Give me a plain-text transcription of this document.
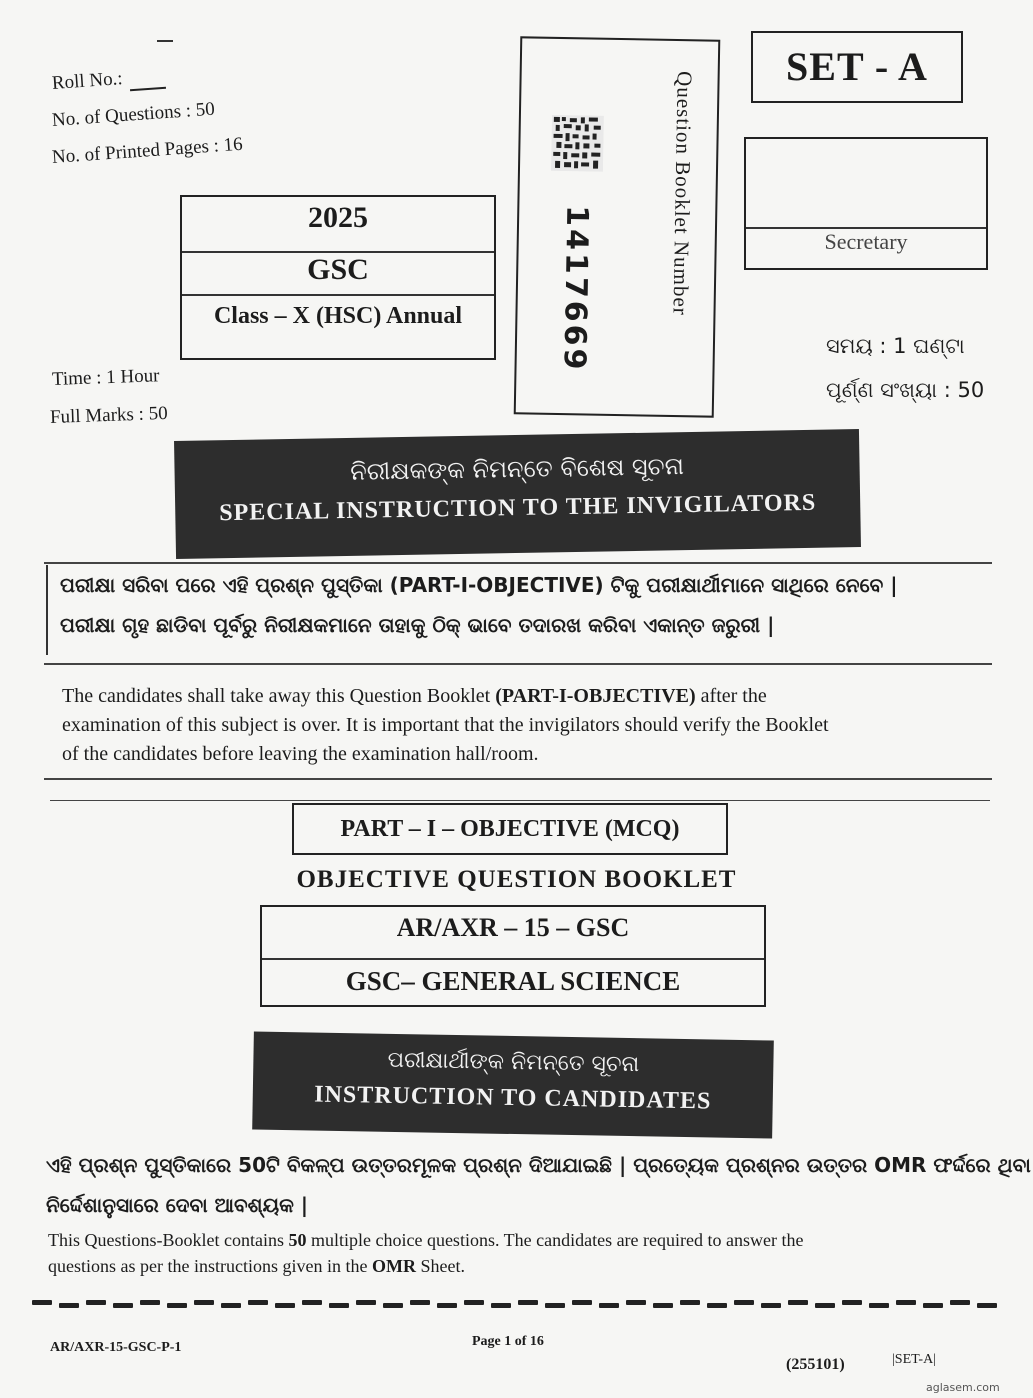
Roll No.:
No. of Questions : 50
No. of Printed Pages : 16
Time : 1 Hour
Full Marks : 50
2025
GSC
Class – X (HSC) Annual	1417669	Question Booklet Number
SET - A
Secretary
ସମୟ : 1 ଘଣ୍ଟା
ପୂର୍ଣ୍ଣ ସଂଖ୍ୟା : 50
ନିରୀକ୍ଷକଙ୍କ ନିମନ୍ତେ ବିଶେଷ ସୂଚନା
SPECIAL INSTRUCTION TO THE INVIGILATORS
ପରୀକ୍ଷା ସରିବା ପରେ ଏହି ପ୍ରଶ୍ନ ପୁସ୍ତିକା (PART-I-OBJECTIVE) ଟିକୁ ପରୀକ୍ଷାର୍ଥୀମାନେ ସାଥିରେ ନେବେ |
ପରୀକ୍ଷା ଗୃହ ଛାଡିବା ପୂର୍ବରୁ ନିରୀକ୍ଷକମାନେ ତାହାକୁ ଠିକ୍ ଭାବେ ତଦାରଖ କରିବା ଏକାନ୍ତ ଜରୁରୀ |
The candidates shall take away this Question Booklet (PART-I-OBJECTIVE) after the
examination of this subject is over. It is important that the invigilators should verify the Booklet
of the candidates before leaving the examination hall/room.
PART – I – OBJECTIVE (MCQ)
OBJECTIVE QUESTION BOOKLET
AR/AXR – 15 – GSC
GSC– GENERAL SCIENCE
ପରୀକ୍ଷାର୍ଥୀଙ୍କ ନିମନ୍ତେ ସୂଚନା
INSTRUCTION TO CANDIDATES
ଏହି ପ୍ରଶ୍ନ ପୁସ୍ତିକାରେ 50ଟି ବିକଳ୍ପ ଉତ୍ତରମୂଳକ ପ୍ରଶ୍ନ ଦିଆଯାଇଛି | ପ୍ରତ୍ୟେକ ପ୍ରଶ୍ନର ଉତ୍ତର OMR ଫର୍ଦ୍ଦରେ ଥିବା
ନିର୍ଦ୍ଦେଶାନୁସାରେ ଦେବା ଆବଶ୍ୟକ |
This Questions-Booklet contains 50 multiple choice questions. The candidates are required to answer the
questions as per the instructions given in the OMR Sheet.
AR/AXR-15-GSC-P-1	Page 1 of 16
(255101)	|SET-A|
aglasem.com
